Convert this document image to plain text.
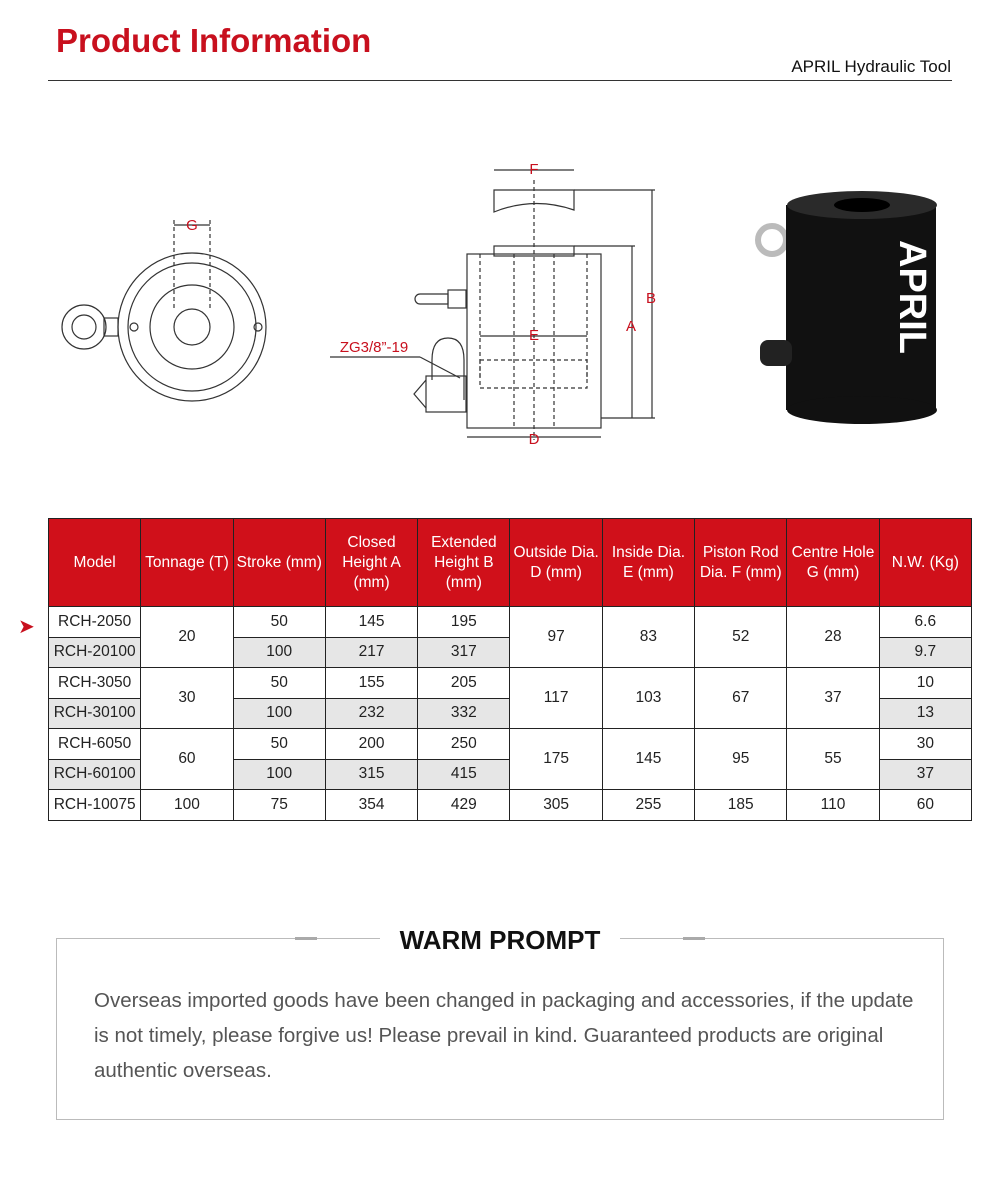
Product Information
APRIL Hydraulic Tool
G
F
E
D
A
B
ZG3/8”-19	APRIL
➤
Model	Tonnage (T)	Stroke (mm)	Closed Height A (mm)	Extended Height B (mm)	Outside Dia. D (mm)	Inside Dia. E (mm)	Piston Rod Dia. F (mm)	Centre Hole G (mm)	N.W. (Kg)
RCH-2050	20	50	145	195	97	83	52	28	6.6
RCH-20100		100	217	317					9.7
RCH-3050	30	50	155	205	117	103	67	37	10
RCH-30100		100	232	332					13
RCH-6050	60	50	200	250	175	145	95	55	30
RCH-60100		100	315	415					37
RCH-10075	100	75	354	429	305	255	185	110	60
WARM PROMPT
Overseas imported goods have been changed in packaging and accessories, if the update is not timely, please forgive us! Please prevail in kind. Guaranteed products are original authentic overseas.
